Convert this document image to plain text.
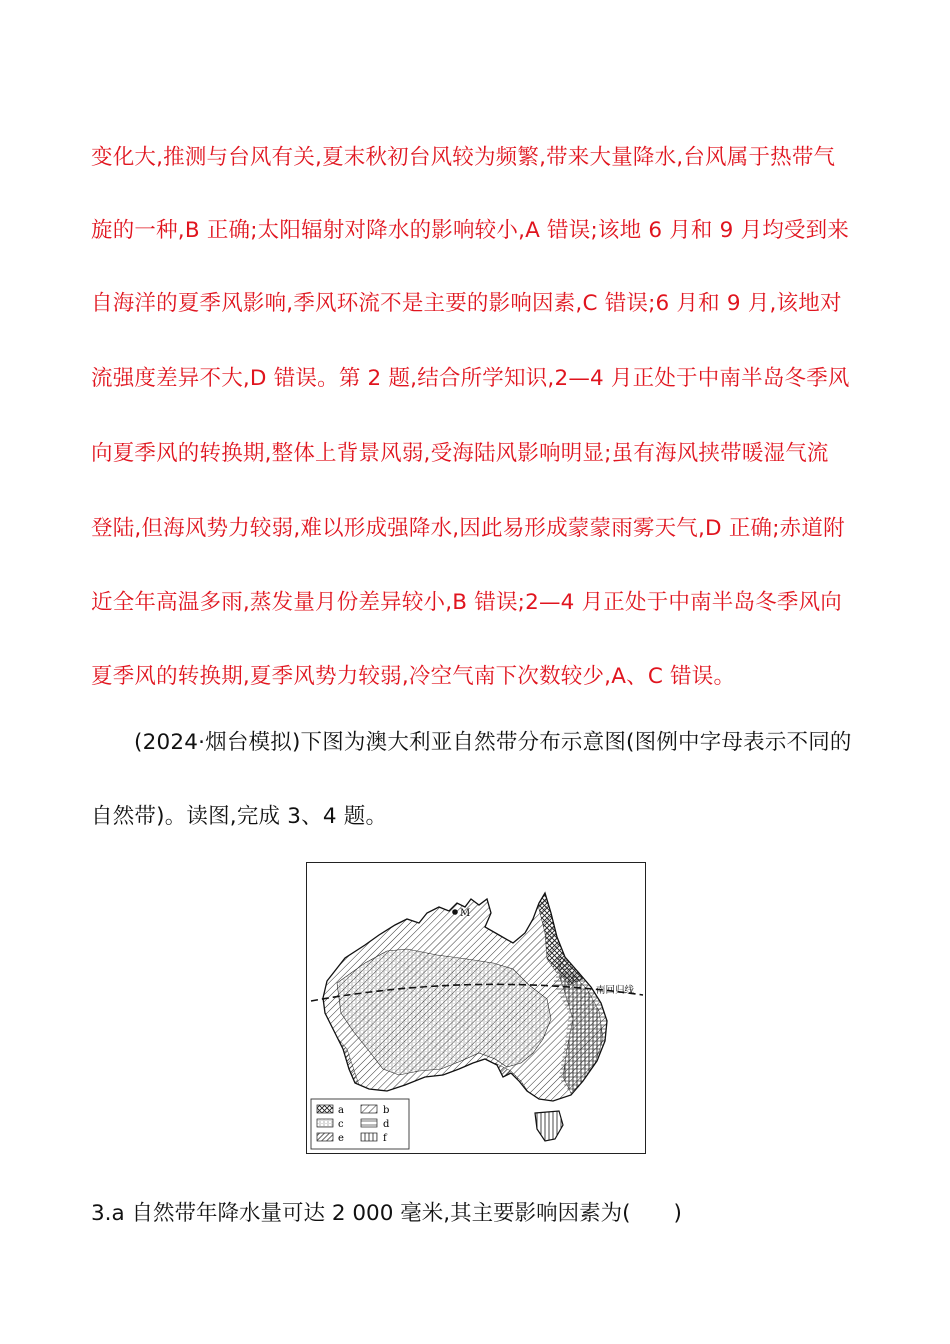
变化大,推测与台风有关,夏末秋初台风较为频繁,带来大量降水,台风属于热带气
旋的一种,B 正确;太阳辐射对降水的影响较小,A 错误;该地 6 月和 9 月均受到来
自海洋的夏季风影响,季风环流不是主要的影响因素,C 错误;6 月和 9 月,该地对
流强度差异不大,D 错误。第 2 题,结合所学知识,2—4 月正处于中南半岛冬季风
向夏季风的转换期,整体上背景风弱,受海陆风影响明显;虽有海风挟带暖湿气流
登陆,但海风势力较弱,难以形成强降水,因此易形成蒙蒙雨雾天气,D 正确;赤道附
近全年高温多雨,蒸发量月份差异较小,B 错误;2—4 月正处于中南半岛冬季风向
夏季风的转换期,夏季风势力较弱,冷空气南下次数较少,A、C 错误。
(2024·烟台模拟)下图为澳大利亚自然带分布示意图(图例中字母表示不同的
自然带)。读图,完成 3、4 题。
南回归线
M
a	b
c	d
e	f
3.a 自然带年降水量可达 2 000 毫米,其主要影响因素为(　　)
